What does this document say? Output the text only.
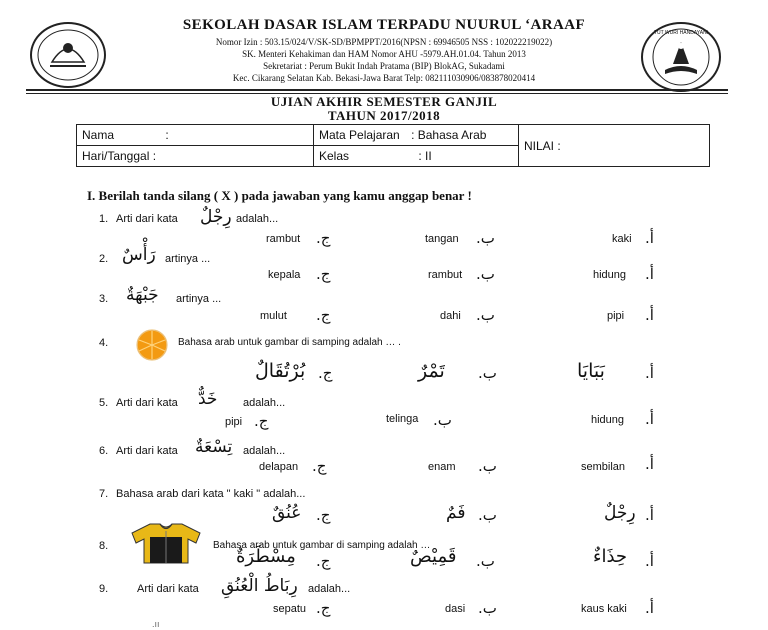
TUT WURI HANDAYANI
SEKOLAH DASAR ISLAM TERPADU NUURUL ‘ARAAF
Nomor Izin : 503.15/024/V/SK-SD/BPMPPT/2016(NPSN : 69946505 NSS : 102022219022)
SK. Menteri Kehakiman dan HAM Nomor AHU -5979.AH.01.04. Tahun 2013
Sekretariat : Perum Bukit Indah Pratama (BIP) BlokAG, Sukadami
Kec. Cikarang Selatan Kab. Bekasi-Jawa Barat Telp: 082111030906/083878020414
UJIAN AKHIR SEMESTER GANJIL
TAHUN 2017/2018
Nama :	Mata Pelajaran : Bahasa Arab	NILAI :
Hari/Tanggal :	Kelas : II	
I. Berilah tanda silang ( X ) pada jawaban yang kamu anggap benar !
1. Arti dari kata رِجْلٌ adalah...
rambut ج.	tangan ب.	kaki أ.
2. رَأْسٌ artinya ...
kepala ج.	rambut ب.	hidung أ.
3. جَبْهَةٌ artinya ...
mulut ج.	dahi ب.	pipi أ.
4.	Bahasa arab untuk gambar di samping adalah … .
بُرْتُقَالٌ ج.	تَمْرٌ ب.	بَبَايَا	أ.
5. Arti dari kata خَدٌّ adalah...
pipi ج.	telinga ب.	hidung أ.
6. Arti dari kata تِسْعَةٌ adalah...
delapan ج.	enam ب.	sembilan أ.
7. Bahasa arab dari kata " kaki " adalah...
عُنُقٌ ج.	فَمٌ ب.	رِجْلٌ أ.
8.	Bahasa arab untuk gambar di samping adalah …
مِسْطَرَةٌ ج.	قَمِيْصٌ ب.	حِذَاءٌ أ.
9.	Arti dari kata رِبَاطُ الْعُنُقِ adalah...
sepatu ج.	dasi ب.	kaus kaki أ.
.ıı
